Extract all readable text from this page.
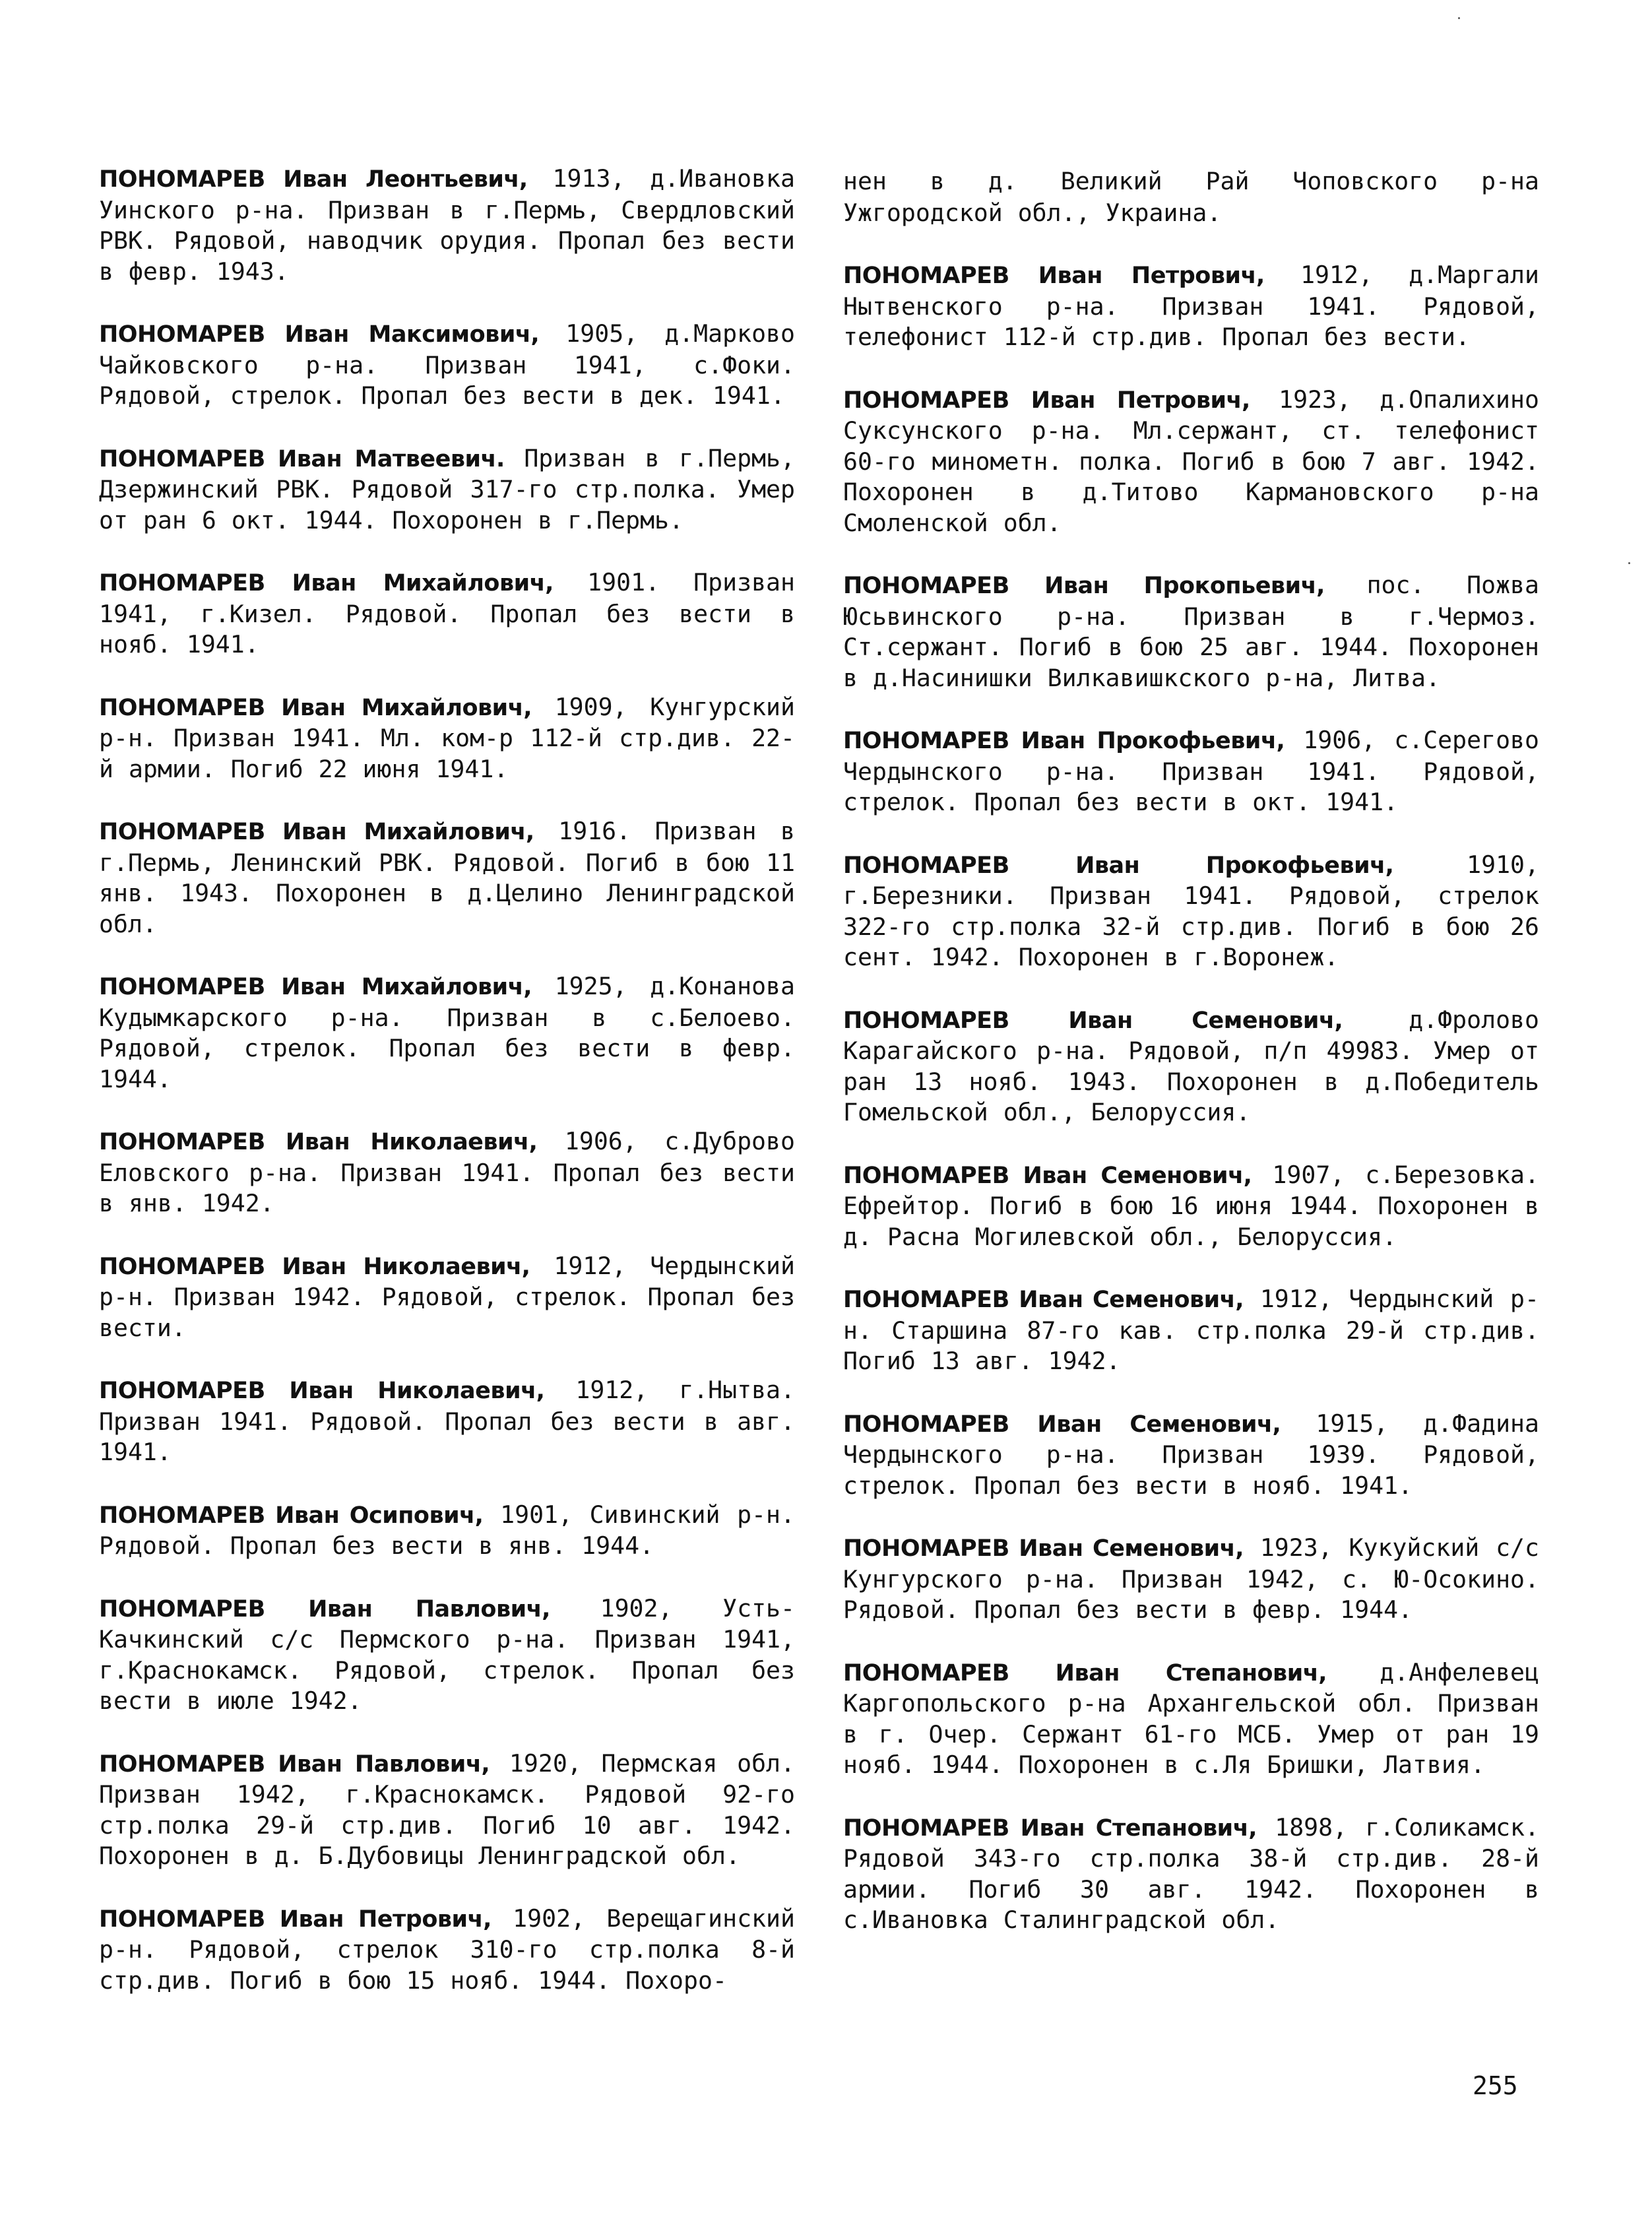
ПОНОМАРЕВ Иван Леонтьевич, 1913, д.Ивановка Уинского р-на. Призван в г.Пермь, Свердловский РВК. Рядовой, наводчик орудия. Пропал без вести в февр. 1943.

ПОНОМАРЕВ Иван Максимович, 1905, д.Марково Чайковского р-на. Призван 1941, с.Фоки. Рядовой, стрелок. Пропал без вести в дек. 1941.

ПОНОМАРЕВ Иван Матвеевич. Призван в г.Пермь, Дзержинский РВК. Рядовой 317-го стр.полка. Умер от ран 6 окт. 1944. Похоронен в г.Пермь.

ПОНОМАРЕВ Иван Михайлович, 1901. Призван 1941, г.Кизел. Рядовой. Пропал без вести в нояб. 1941.

ПОНОМАРЕВ Иван Михайлович, 1909, Кунгурский р-н. Призван 1941. Мл. ком-р 112-й стр.див. 22-й армии. Погиб 22 июня 1941.

ПОНОМАРЕВ Иван Михайлович, 1916. Призван в г.Пермь, Ленинский РВК. Рядовой. Погиб в бою 11 янв. 1943. Похоронен в д.Целино Ленинградской обл.

ПОНОМАРЕВ Иван Михайлович, 1925, д.Конанова Кудымкарского р-на. Призван в с.Белоево. Рядовой, стрелок. Пропал без вести в февр. 1944.

ПОНОМАРЕВ Иван Николаевич, 1906, с.Дуброво Еловского р-на. Призван 1941. Пропал без вести в янв. 1942.

ПОНОМАРЕВ Иван Николаевич, 1912, Чердынский р-н. Призван 1942. Рядовой, стрелок. Пропал без вести.

ПОНОМАРЕВ Иван Николаевич, 1912, г.Нытва. Призван 1941. Рядовой. Пропал без вести в авг. 1941.

ПОНОМАРЕВ Иван Осипович, 1901, Сивинский р-н. Рядовой. Пропал без вести в янв. 1944.

ПОНОМАРЕВ Иван Павлович, 1902, Усть-Качкинский с/с Пермского р-на. Призван 1941, г.Краснокамск. Рядовой, стрелок. Пропал без вести в июле 1942.

ПОНОМАРЕВ Иван Павлович, 1920, Пермская обл. Призван 1942, г.Краснокамск. Рядовой 92-го стр.полка 29-й стр.див. Погиб 10 авг. 1942. Похоронен в д. Б.Дубовицы Ленинградской обл.

ПОНОМАРЕВ Иван Петрович, 1902, Верещагинский р-н. Рядовой, стрелок 310-го стр.полка 8-й стр.див. Погиб в бою 15 нояб. 1944. Похоро-

нен в д. Великий Рай Чоповского р-на Ужгородской обл., Украина.

ПОНОМАРЕВ Иван Петрович, 1912, д.Маргали Нытвенского р-на. Призван 1941. Рядовой, телефонист 112-й стр.див. Пропал без вести.

ПОНОМАРЕВ Иван Петрович, 1923, д.Опалихино Суксунского р-на. Мл.сержант, ст. телефонист 60-го минометн. полка. Погиб в бою 7 авг. 1942. Похоронен в д.Титово Кармановского р-на Смоленской обл.

ПОНОМАРЕВ Иван Прокопьевич, пос. Пожва Юсьвинского р-на. Призван в г.Чермоз. Ст.сержант. Погиб в бою 25 авг. 1944. Похоронен в д.Насинишки Вилкавишкского р-на, Литва.

ПОНОМАРЕВ Иван Прокофьевич, 1906, с.Серегово Чердынского р-на. Призван 1941. Рядовой, стрелок. Пропал без вести в окт. 1941.

ПОНОМАРЕВ Иван Прокофьевич, 1910, г.Березники. Призван 1941. Рядовой, стрелок 322-го стр.полка 32-й стр.див. Погиб в бою 26 сент. 1942. Похоронен в г.Воронеж.

ПОНОМАРЕВ Иван Семенович, д.Фролово Карагайского р-на. Рядовой, п/п 49983. Умер от ран 13 нояб. 1943. Похоронен в д.Победитель Гомельской обл., Белоруссия.

ПОНОМАРЕВ Иван Семенович, 1907, с.Березовка. Ефрейтор. Погиб в бою 16 июня 1944. Похоронен в д. Расна Могилевской обл., Белоруссия.

ПОНОМАРЕВ Иван Семенович, 1912, Чердынский р-н. Старшина 87-го кав. стр.полка 29-й стр.див. Погиб 13 авг. 1942.

ПОНОМАРЕВ Иван Семенович, 1915, д.Фадина Чердынского р-на. Призван 1939. Рядовой, стрелок. Пропал без вести в нояб. 1941.

ПОНОМАРЕВ Иван Семенович, 1923, Кукуйский с/с Кунгурского р-на. Призван 1942, с. Ю-Осокино. Рядовой. Пропал без вести в февр. 1944.

ПОНОМАРЕВ Иван Степанович, д.Анфелевец Каргопольского р-на Архангельской обл. Призван в г. Очер. Сержант 61-го МСБ. Умер от ран 19 нояб. 1944. Похоронен в с.Ля Бришки, Латвия.

ПОНОМАРЕВ Иван Степанович, 1898, г.Соликамск. Рядовой 343-го стр.полка 38-й стр.див. 28-й армии. Погиб 30 авг. 1942. Похоронен в с.Ивановка Сталинградской обл.

255
